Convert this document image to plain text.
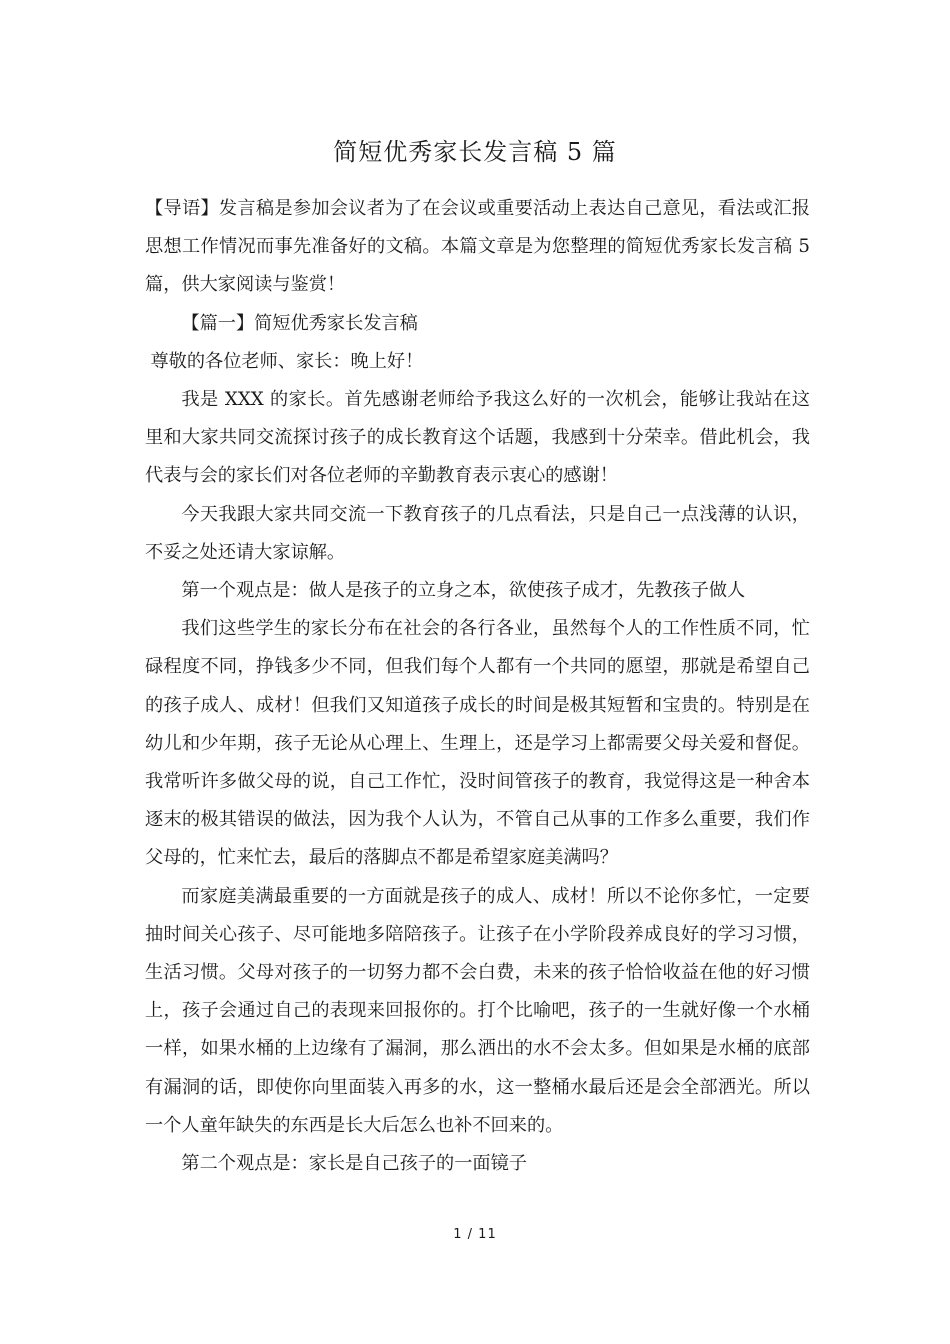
简短优秀家长发言稿 5 篇

【导语】发言稿是参加会议者为了在会议或重要活动上表达自己意见，看法或汇报思想工作情况而事先准备好的文稿。本篇文章是为您整理的简短优秀家长发言稿 5 篇，供大家阅读与鉴赏！

【篇一】简短优秀家长发言稿

尊敬的各位老师、家长：晚上好！

我是 XXX 的家长。首先感谢老师给予我这么好的一次机会，能够让我站在这里和大家共同交流探讨孩子的成长教育这个话题，我感到十分荣幸。借此机会，我代表与会的家长们对各位老师的辛勤教育表示衷心的感谢！

今天我跟大家共同交流一下教育孩子的几点看法，只是自己一点浅薄的认识，不妥之处还请大家谅解。

第一个观点是：做人是孩子的立身之本，欲使孩子成才，先教孩子做人

我们这些学生的家长分布在社会的各行各业，虽然每个人的工作性质不同，忙碌程度不同，挣钱多少不同，但我们每个人都有一个共同的愿望，那就是希望自己的孩子成人、成材！但我们又知道孩子成长的时间是极其短暂和宝贵的。特别是在幼儿和少年期，孩子无论从心理上、生理上，还是学习上都需要父母关爱和督促。我常听许多做父母的说，自己工作忙，没时间管孩子的教育，我觉得这是一种舍本逐末的极其错误的做法，因为我个人认为，不管自己从事的工作多么重要，我们作父母的，忙来忙去，最后的落脚点不都是希望家庭美满吗？

而家庭美满最重要的一方面就是孩子的成人、成材！所以不论你多忙，一定要抽时间关心孩子、尽可能地多陪陪孩子。让孩子在小学阶段养成良好的学习习惯，生活习惯。父母对孩子的一切努力都不会白费，未来的孩子恰恰收益在他的好习惯上，孩子会通过自己的表现来回报你的。打个比喻吧，孩子的一生就好像一个水桶一样，如果水桶的上边缘有了漏洞，那么洒出的水不会太多。但如果是水桶的底部有漏洞的话，即使你向里面装入再多的水，这一整桶水最后还是会全部洒光。所以一个人童年缺失的东西是长大后怎么也补不回来的。

第二个观点是：家长是自己孩子的一面镜子

1 / 11
